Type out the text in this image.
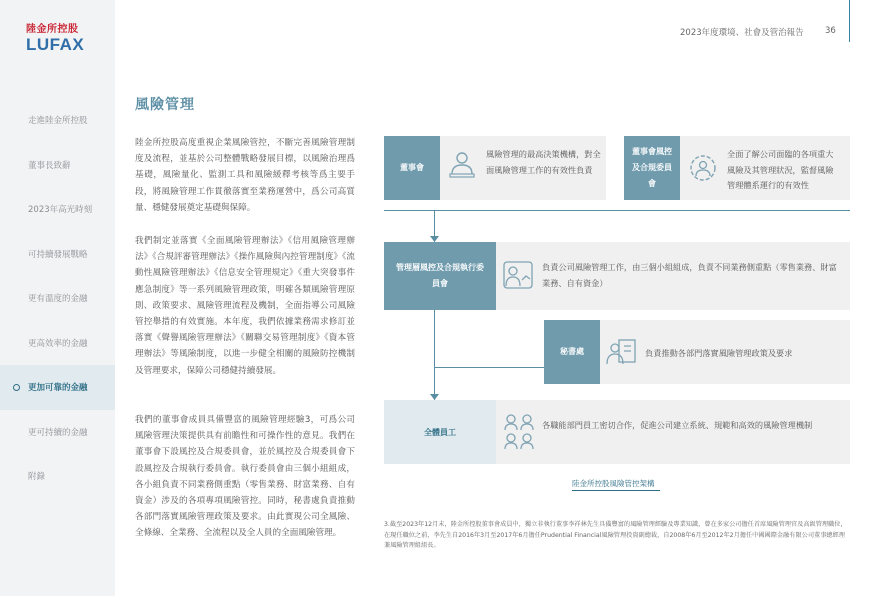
陸金所控股
LUFAX
走進陸金所控股
董事長致辭
2023年高光時刻
可持續發展戰略
更有溫度的金融
更高效率的金融
更加可靠的金融
更可持續的金融
附錄
2023年度環境、社會及管治報告	36
風險管理

陸金所控股高度重視企業風險管控，不斷完善風險管理制度及流程，並基於公司整體戰略發展目標，以風險治理爲基礎，風險量化、監測工具和風險緩釋考核等爲主要手段，將風險管理工作貫徹落實至業務運營中，爲公司高質量、穩健發展奠定基礎與保障。

我們制定並落實《全面風險管理辦法》《信用風險管理辦法》《合規評審管理辦法》《操作風險與內控管理制度》《流動性風險管理辦法》《信息安全管理規定》《重大突發事件應急制度》等一系列風險管理政策，明確各類風險管理原則、政策要求、風險管理流程及機制，全面指導公司風險管控舉措的有效實施。本年度，我們依據業務需求修訂並落實《聲譽風險管理辦法》《關聯交易管理制度》《資本管理辦法》等風險制度，以進一步健全相關的風險防控機制及管理要求，保障公司穩健持續發展。

我們的董事會成員具備豐富的風險管理經驗3，可爲公司風險管理決策提供具有前瞻性和可操作性的意見。我們在董事會下設風控及合規委員會，並於風控及合規委員會下設風控及合規執行委員會。執行委員會由三個小組組成，各小組負責不同業務側重點（零售業務、財富業務、自有資金）涉及的各項專項風險管控。同時，秘書處負責推動各部門落實風險管理政策及要求。由此實現公司全風險、全條線、全業務、全流程以及全人員的全面風險管理。

董事會
風險管理的最高決策機構，對全面風險管理工作的有效性負責
董事會風控及合規委員會
全面了解公司面臨的各項重大風險及其管理狀況，監督風險管理體系運行的有效性
管理層風控及合規執行委員會
負責公司風險管理工作，由三個小組組成，負責不同業務側重點（零售業務、財富業務、自有資金）
秘書處	負責推動各部門落實風險管理政策及要求
全體員工
各職能部門員工密切合作，促進公司建立系統、規範和高效的風險管理機制
陸金所控股風險管控架構
3.截至2023年12月末，陸金所控股董事會成員中，獨立非執行董事李祥林先生具備豐富的風險管理經驗及專業知識，曾在多家公司擔任首席風險管理官及高級管理職位，在現任職位之前，李先生自2016年3月至2017年6月擔任Prudential Financial風險管理投資副總裁，自2008年6月至2012年2月擔任中國國際金融有限公司董事總經理兼風險管理組組長。
